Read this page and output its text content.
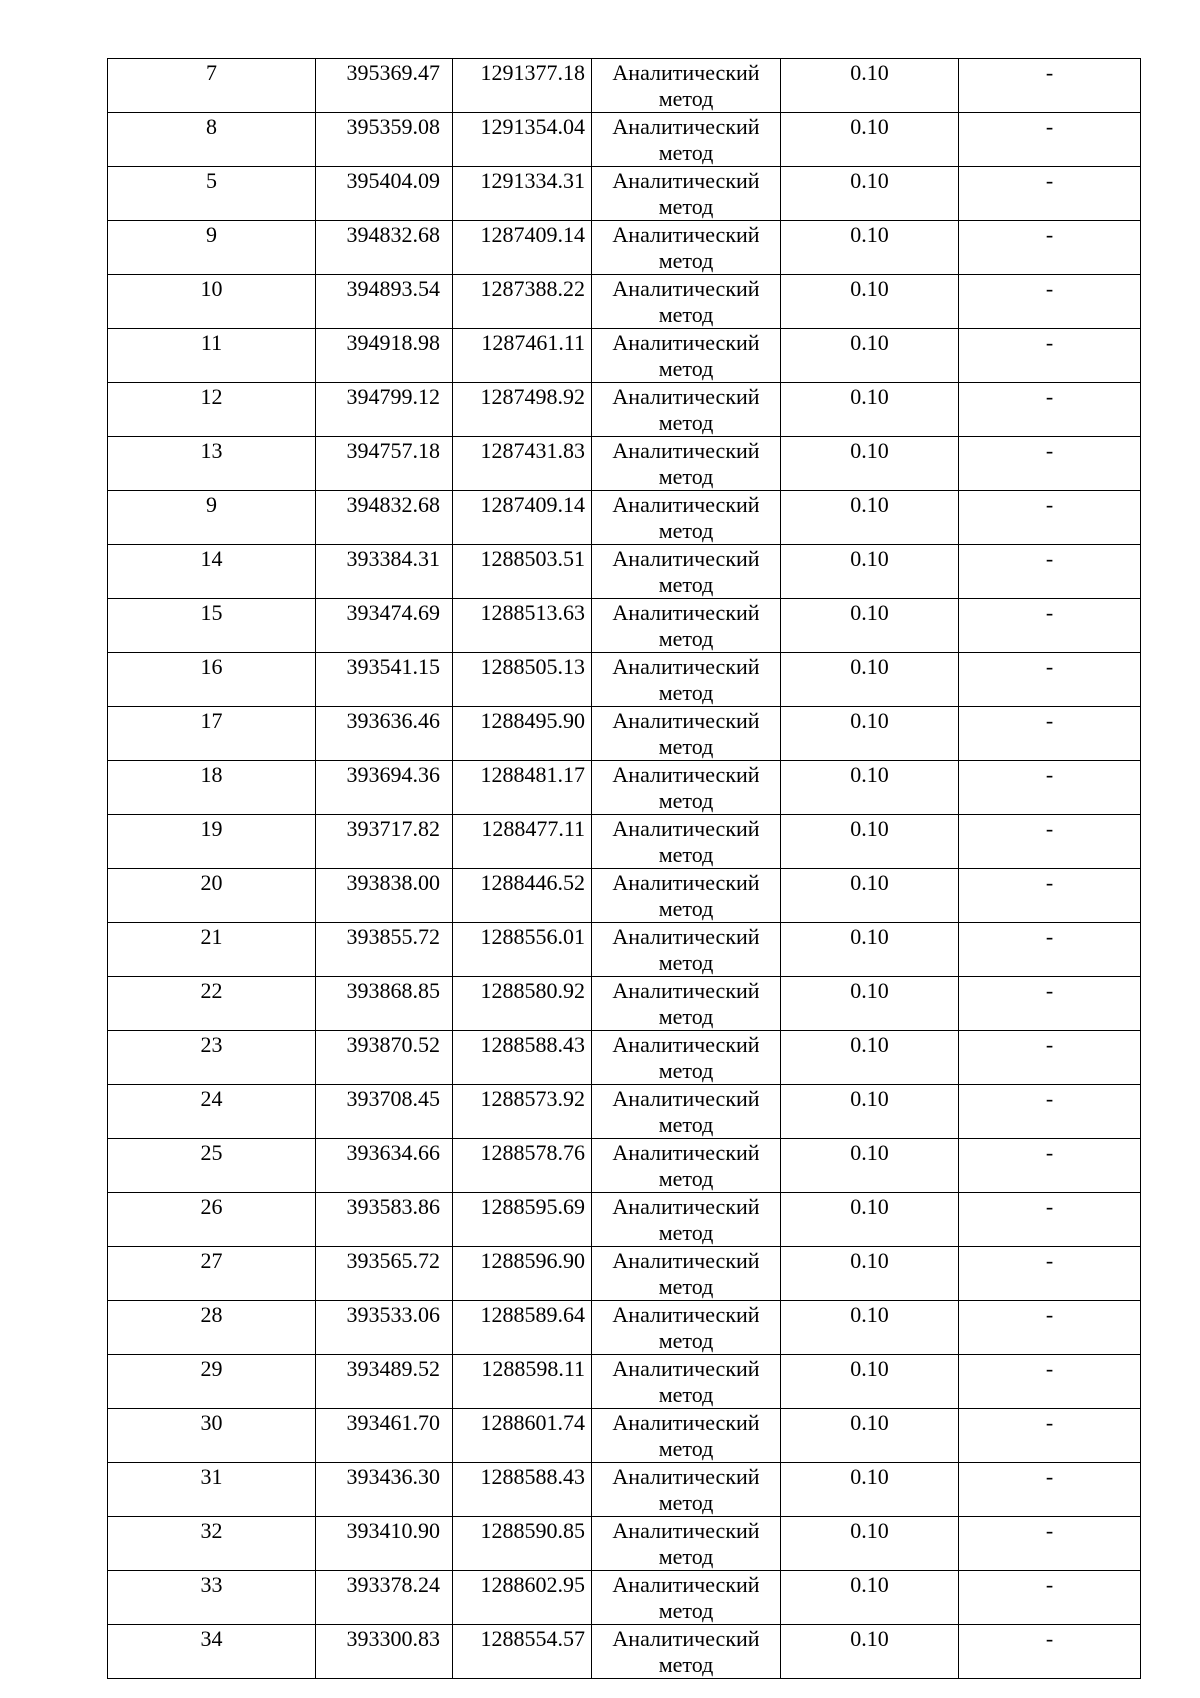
7	395369.47	1291377.18	Аналитический метод	0.10	-

8	395359.08	1291354.04	Аналитический метод	0.10	-

5	395404.09	1291334.31	Аналитический метод	0.10	-

9	394832.68	1287409.14	Аналитический метод	0.10	-

10	394893.54	1287388.22	Аналитический метод	0.10	-

11	394918.98	1287461.11	Аналитический метод	0.10	-

12	394799.12	1287498.92	Аналитический метод	0.10	-

13	394757.18	1287431.83	Аналитический метод	0.10	-

9	394832.68	1287409.14	Аналитический метод	0.10	-

14	393384.31	1288503.51	Аналитический метод	0.10	-

15	393474.69	1288513.63	Аналитический метод	0.10	-

16	393541.15	1288505.13	Аналитический метод	0.10	-

17	393636.46	1288495.90	Аналитический метод	0.10	-

18	393694.36	1288481.17	Аналитический метод	0.10	-

19	393717.82	1288477.11	Аналитический метод	0.10	-

20	393838.00	1288446.52	Аналитический метод	0.10	-

21	393855.72	1288556.01	Аналитический метод	0.10	-

22	393868.85	1288580.92	Аналитический метод	0.10	-

23	393870.52	1288588.43	Аналитический метод	0.10	-

24	393708.45	1288573.92	Аналитический метод	0.10	-

25	393634.66	1288578.76	Аналитический метод	0.10	-

26	393583.86	1288595.69	Аналитический метод	0.10	-

27	393565.72	1288596.90	Аналитический метод	0.10	-

28	393533.06	1288589.64	Аналитический метод	0.10	-

29	393489.52	1288598.11	Аналитический метод	0.10	-

30	393461.70	1288601.74	Аналитический метод	0.10	-

31	393436.30	1288588.43	Аналитический метод	0.10	-

32	393410.90	1288590.85	Аналитический метод	0.10	-

33	393378.24	1288602.95	Аналитический метод	0.10	-

34	393300.83	1288554.57	Аналитический метод	0.10	-
